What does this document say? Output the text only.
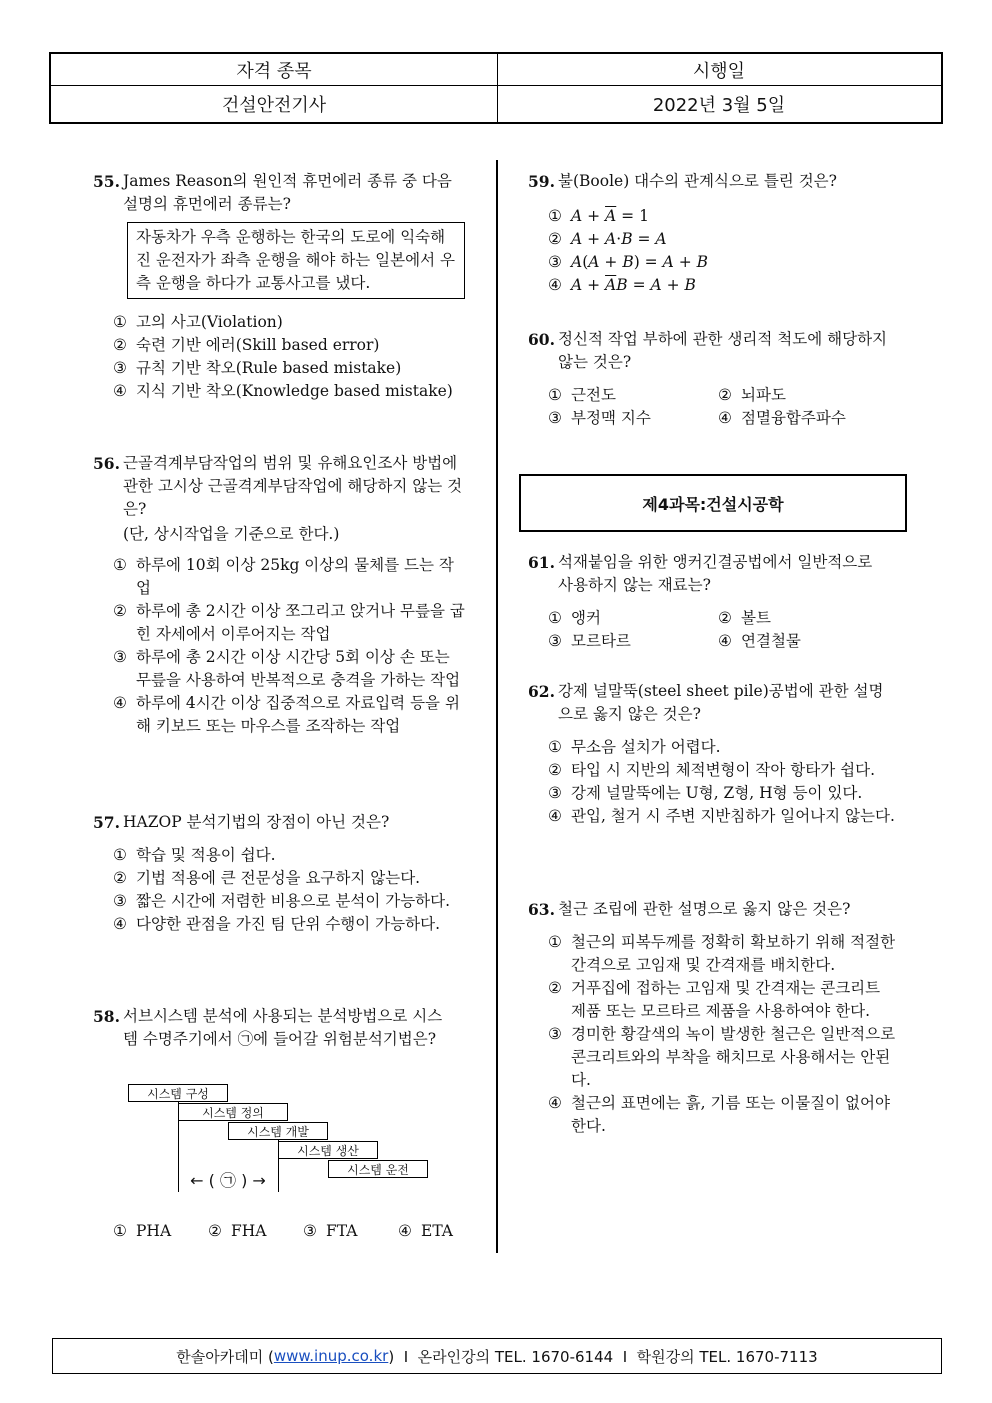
자격 종목	시행일
건설안전기사	2022년 3월 5일
55. James Reason의 원인적 휴먼에러 종류 중 다음 설명의 휴먼에러 종류는?
자동차가 우측 운행하는 한국의 도로에 익숙해진 운전자가 좌측 운행을 해야 하는 일본에서 우측 운행을 하다가 교통사고를 냈다.
① 고의 사고(Violation)
② 숙련 기반 에러(Skill based error)
③ 규칙 기반 착오(Rule based mistake)
④ 지식 기반 착오(Knowledge based mistake)
56. 근골격계부담작업의 범위 및 유해요인조사 방법에 관한 고시상 근골격계부담작업에 해당하지 않는 것은?
(단, 상시작업을 기준으로 한다.)
① 하루에 10회 이상 25kg 이상의 물체를 드는 작업
② 하루에 총 2시간 이상 쪼그리고 앉거나 무릎을 굽힌 자세에서 이루어지는 작업
③ 하루에 총 2시간 이상 시간당 5회 이상 손 또는 무릎을 사용하여 반복적으로 충격을 가하는 작업
④ 하루에 4시간 이상 집중적으로 자료입력 등을 위해 키보드 또는 마우스를 조작하는 작업
57. HAZOP 분석기법의 장점이 아닌 것은?
① 학습 및 적용이 쉽다.
② 기법 적용에 큰 전문성을 요구하지 않는다.
③ 짧은 시간에 저렴한 비용으로 분석이 가능하다.
④ 다양한 관점을 가진 팀 단위 수행이 가능하다.
58. 서브시스템 분석에 사용되는 분석방법으로 시스템 수명주기에서 ㉠에 들어갈 위험분석기법은?
시스템 구성
시스템 정의
시스템 개발
시스템 생산
시스템 운전
← ( ㉠ ) →
① PHA	② FHA	③ FTA	④ ETA
59. 불(Boole) 대수의 관계식으로 틀린 것은?
① $A + \overline{A} = 1$
② A + A·B = A
③ A(A + B) = A + B
④ $A + \overline{A}B = A + B$
60. 정신적 작업 부하에 관한 생리적 척도에 해당하지 않는 것은?
① 근전도	② 뇌파도
③ 부정맥 지수	④ 점멸융합주파수
제4과목:건설시공학
61. 석재붙임을 위한 앵커긴결공법에서 일반적으로 사용하지 않는 재료는?
① 앵커	② 볼트
③ 모르타르	④ 연결철물
62. 강제 널말뚝(steel sheet pile)공법에 관한 설명으로 옳지 않은 것은?
① 무소음 설치가 어렵다.
② 타입 시 지반의 체적변형이 작아 항타가 쉽다.
③ 강제 널말뚝에는 U형, Z형, H형 등이 있다.
④ 관입, 철거 시 주변 지반침하가 일어나지 않는다.
63. 철근 조립에 관한 설명으로 옳지 않은 것은?
① 철근의 피복두께를 정확히 확보하기 위해 적절한 간격으로 고임재 및 간격재를 배치한다.
② 거푸집에 접하는 고임재 및 간격재는 콘크리트 제품 또는 모르타르 제품을 사용하여야 한다.
③ 경미한 황갈색의 녹이 발생한 철근은 일반적으로 콘크리트와의 부착을 해치므로 사용해서는 안된다.
④ 철근의 표면에는 흙, 기름 또는 이물질이 없어야 한다.
한솔아카데미 ( www.inup.co.kr )  I  온라인강의 TEL. 1670-6144  I  학원강의 TEL. 1670-7113
